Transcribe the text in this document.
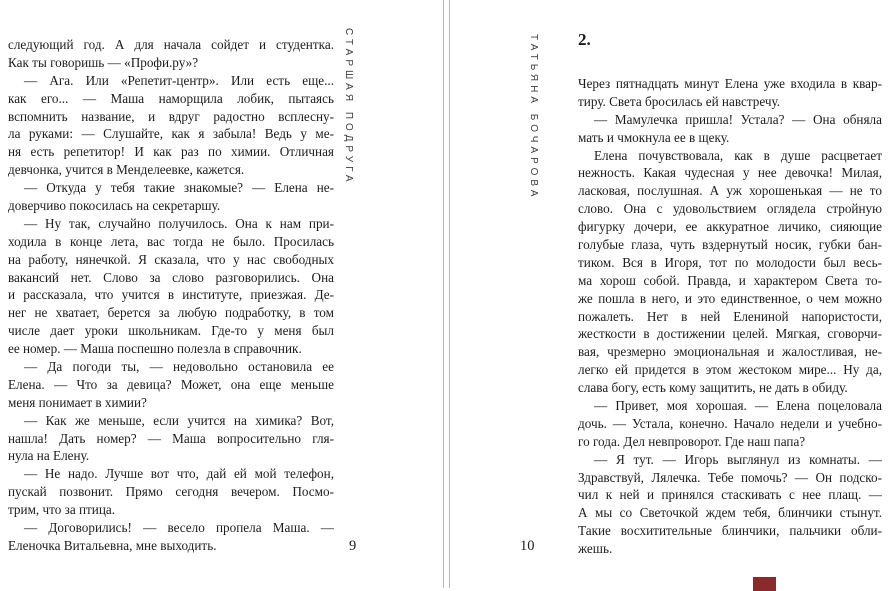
СТАРШАЯ ПОДРУГА
следующий год. А для начала сойдет и студентка.
Как ты говоришь — «Профи.ру»?
— Ага. Или «Репетит-центр». Или есть еще...
как его... — Маша наморщила лобик, пытаясь
вспомнить название, и вдруг радостно всплесну-
ла руками: — Слушайте, как я забыла! Ведь у ме-
ня есть репетитор! И как раз по химии. Отличная
девчонка, учится в Менделеевке, кажется.
— Откуда у тебя такие знакомые? — Елена не-
доверчиво покосилась на секретаршу.
— Ну так, случайно получилось. Она к нам при-
ходила в конце лета, вас тогда не было. Просилась
на работу, нянечкой. Я сказала, что у нас свободных
вакансий нет. Слово за слово разговорились. Она
и рассказала, что учится в институте, приезжая. Де-
нег не хватает, берется за любую подработку, в том
числе дает уроки школьникам. Где-то у меня был
ее номер. — Маша поспешно полезла в справочник.
— Да погоди ты, — недовольно остановила ее
Елена. — Что за девица? Может, она еще меньше
меня понимает в химии?
— Как же меньше, если учится на химика? Вот,
нашла! Дать номер? — Маша вопросительно гля-
нула на Елену.
— Не надо. Лучше вот что, дай ей мой телефон,
пускай позвонит. Прямо сегодня вечером. Посмо-
трим, что за птица.
— Договорились! — весело пропела Маша. —
Еленочка Витальевна, мне выходить.	9
ТАТЬЯНА БОЧАРОВА 2.
Через пятнадцать минут Елена уже входила в квар-
тиру. Света бросилась ей навстречу.
— Мамулечка пришла! Устала? — Она обняла
мать и чмокнула ее в щеку.
Елена почувствовала, как в душе расцветает
нежность. Какая чудесная у нее девочка! Милая,
ласковая, послушная. А уж хорошенькая — не то
слово. Она с удовольствием оглядела стройную
фигурку дочери, ее аккуратное личико, сияющие
голубые глаза, чуть вздернутый носик, губки бан-
тиком. Вся в Игоря, тот по молодости был весь-
ма хорош собой. Правда, и характером Света то-
же пошла в него, и это единственное, о чем можно
пожалеть. Нет в ней Елениной напористости,
жесткости в достижении целей. Мягкая, сговорчи-
вая, чрезмерно эмоциональная и жалостливая, не-
легко ей придется в этом жестоком мире... Ну да,
слава богу, есть кому защитить, не дать в обиду.
— Привет, моя хорошая. — Елена поцеловала
дочь. — Устала, конечно. Начало недели и учебно-
го года. Дел невпроворот. Где наш папа?
— Я тут. — Игорь выглянул из комнаты. —
Здравствуй, Лялечка. Тебе помочь? — Он подско-
чил к ней и принялся стаскивать с нее плащ. —
А мы со Светочкой ждем тебя, блинчики стынут.
Такие восхитительные блинчики, пальчики обли-
жешь.
10
